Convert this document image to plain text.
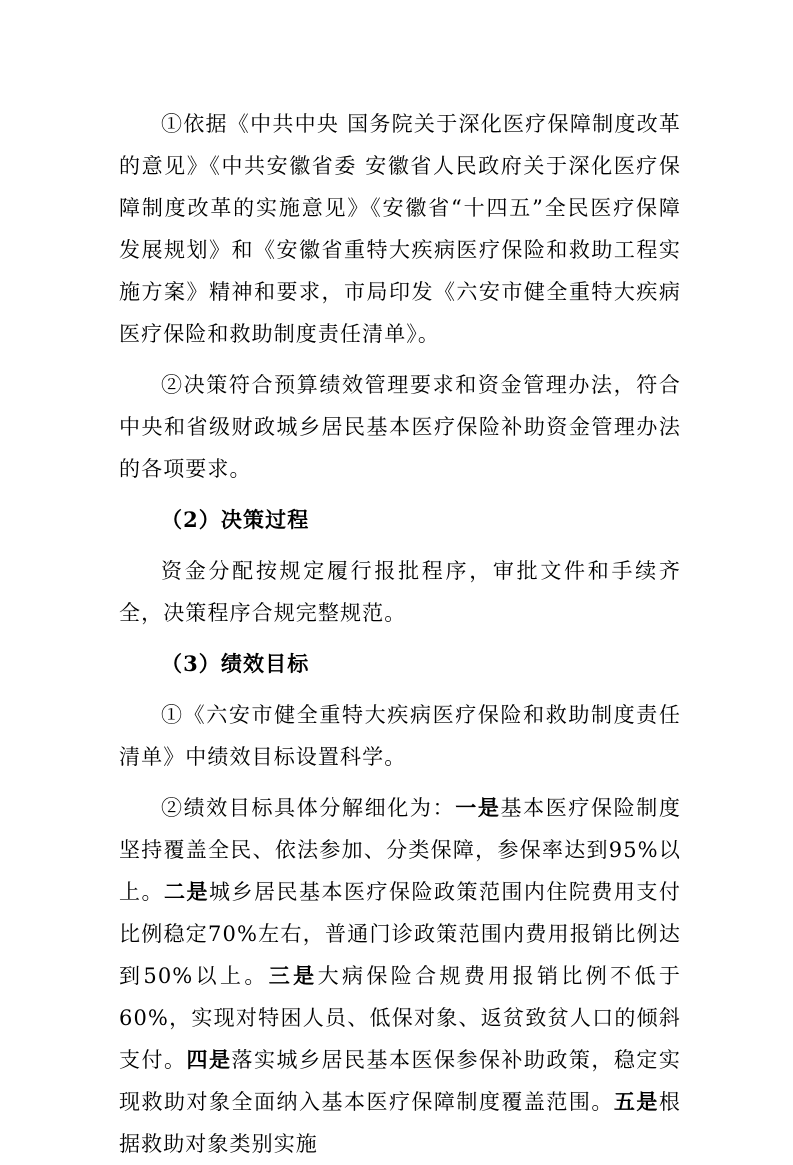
①依据《中共中央 国务院关于深化医疗保障制度改革的意见》《中共安徽省委 安徽省人民政府关于深化医疗保障制度改革的实施意见》《安徽省“十四五”全民医疗保障发展规划》和《安徽省重特大疾病医疗保险和救助工程实施方案》精神和要求，市局印发《六安市健全重特大疾病医疗保险和救助制度责任清单》。

②决策符合预算绩效管理要求和资金管理办法，符合中央和省级财政城乡居民基本医疗保险补助资金管理办法的各项要求。

（2）决策过程

资金分配按规定履行报批程序，审批文件和手续齐全，决策程序合规完整规范。

（3）绩效目标

①《六安市健全重特大疾病医疗保险和救助制度责任清单》中绩效目标设置科学。

②绩效目标具体分解细化为：一是基本医疗保险制度坚持覆盖全民、依法参加、分类保障，参保率达到95%以上。二是城乡居民基本医疗保险政策范围内住院费用支付比例稳定70%左右，普通门诊政策范围内费用报销比例达到50%以上。三是大病保险合规费用报销比例不低于60%，实现对特困人员、低保对象、返贫致贫人口的倾斜支付。四是落实城乡居民基本医保参保补助政策，稳定实现救助对象全面纳入基本医疗保障制度覆盖范围。五是根据救助对象类别实施
